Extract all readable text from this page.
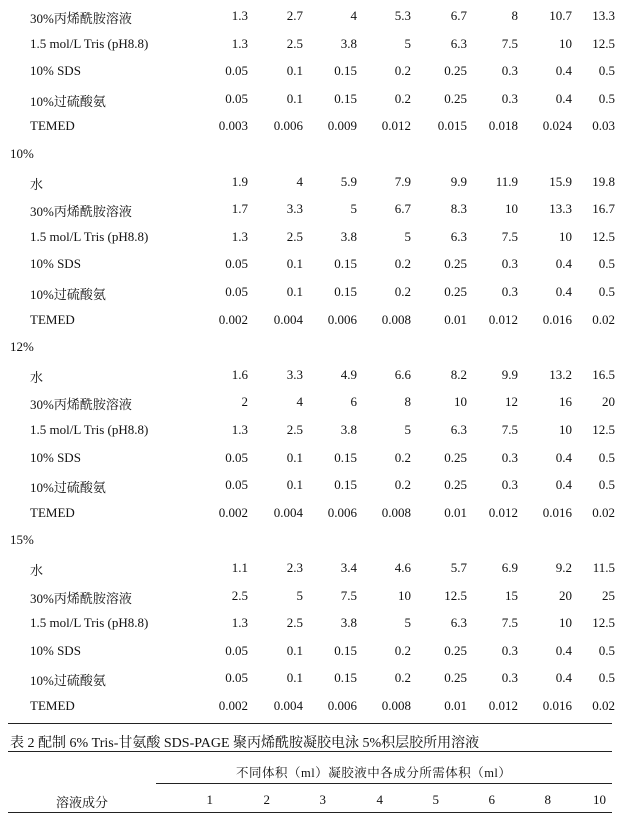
30%丙烯酰胺溶液	1.3	2.7	4	5.3	6.7	8	10.7	13.3
1.5 mol/L Tris (pH8.8)	1.3	2.5	3.8	5	6.3	7.5	10	12.5
10% SDS	0.05	0.1	0.15	0.2	0.25	0.3	0.4	0.5
10%过硫酸氨	0.05	0.1	0.15	0.2	0.25	0.3	0.4	0.5
TEMED	0.003	0.006	0.009	0.012	0.015	0.018	0.024	0.03
10%
水	1.9	4	5.9	7.9	9.9	11.9	15.9	19.8
30%丙烯酰胺溶液	1.7	3.3	5	6.7	8.3	10	13.3	16.7
1.5 mol/L Tris (pH8.8)	1.3	2.5	3.8	5	6.3	7.5	10	12.5
10% SDS	0.05	0.1	0.15	0.2	0.25	0.3	0.4	0.5
10%过硫酸氨	0.05	0.1	0.15	0.2	0.25	0.3	0.4	0.5
TEMED	0.002	0.004	0.006	0.008	0.01	0.012	0.016	0.02
12%
水	1.6	3.3	4.9	6.6	8.2	9.9	13.2	16.5
30%丙烯酰胺溶液	2	4	6	8	10	12	16	20
1.5 mol/L Tris (pH8.8)	1.3	2.5	3.8	5	6.3	7.5	10	12.5
10% SDS	0.05	0.1	0.15	0.2	0.25	0.3	0.4	0.5
10%过硫酸氨	0.05	0.1	0.15	0.2	0.25	0.3	0.4	0.5
TEMED	0.002	0.004	0.006	0.008	0.01	0.012	0.016	0.02
15%
水	1.1	2.3	3.4	4.6	5.7	6.9	9.2	11.5
30%丙烯酰胺溶液	2.5	5	7.5	10	12.5	15	20	25
1.5 mol/L Tris (pH8.8)	1.3	2.5	3.8	5	6.3	7.5	10	12.5
10% SDS	0.05	0.1	0.15	0.2	0.25	0.3	0.4	0.5
10%过硫酸氨	0.05	0.1	0.15	0.2	0.25	0.3	0.4	0.5
TEMED	0.002	0.004	0.006	0.008	0.01	0.012	0.016	0.02
表 2 配制 6% Tris-甘氨酸 SDS-PAGE 聚丙烯酰胺凝胶电泳 5%积层胶所用溶液
不同体积（ml）凝胶液中各成分所需体积（ml）
溶液成分	1	2	3	4	5	6	8	10
